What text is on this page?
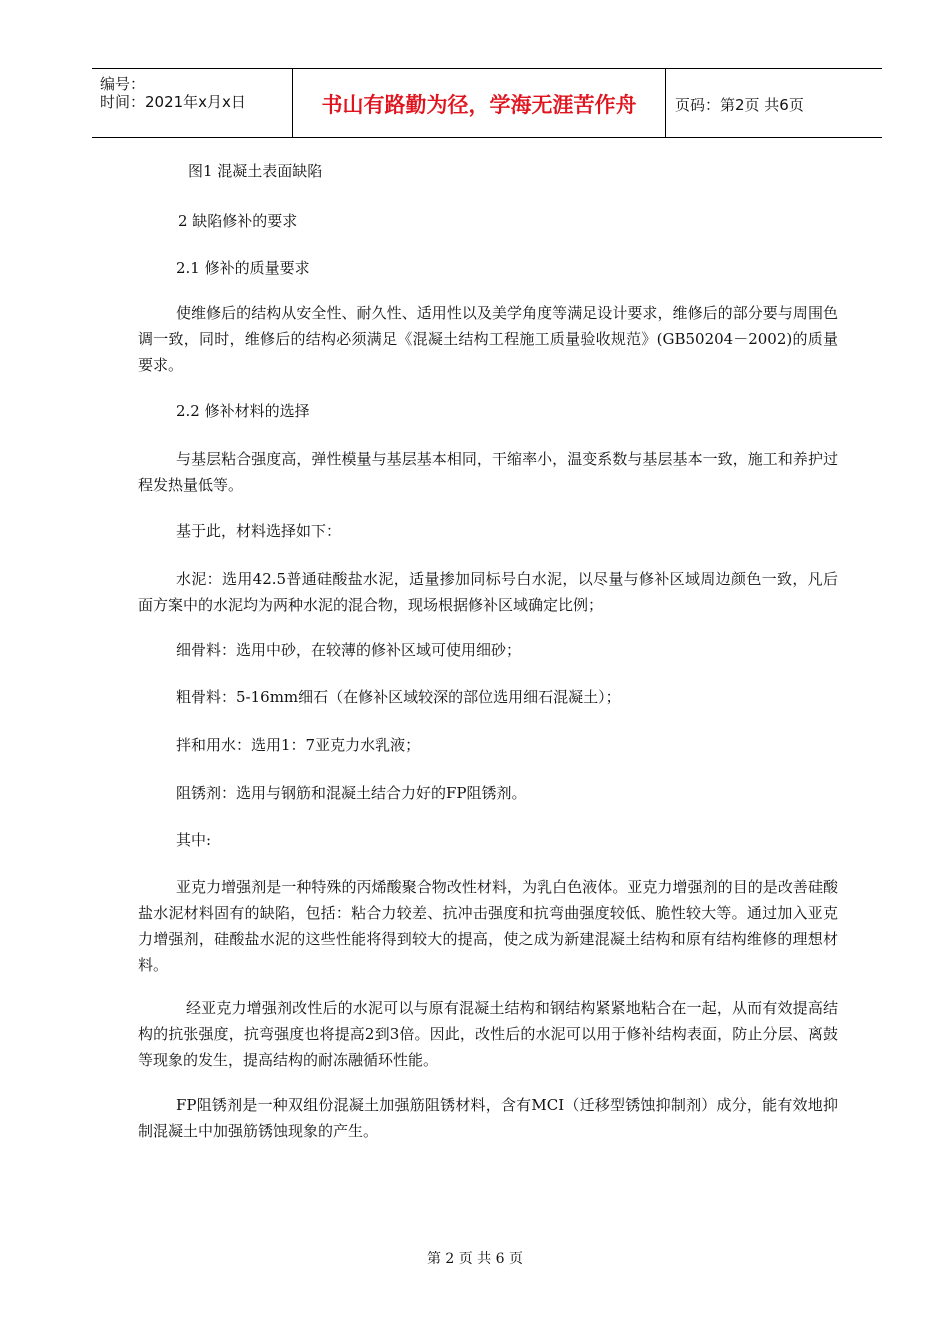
编号：
时间：2021年x月x日	书山有路勤为径，学海无涯苦作舟	页码：第2页 共6页
图1 混凝土表面缺陷
2 缺陷修补的要求
2.1 修补的质量要求
使维修后的结构从安全性、耐久性、适用性以及美学角度等满足设计要求，维修后的部分要与周围色调一致，同时，维修后的结构必须满足《混凝土结构工程施工质量验收规范》(GB50204－2002)的质量要求。
2.2 修补材料的选择
与基层粘合强度高，弹性模量与基层基本相同，干缩率小，温变系数与基层基本一致，施工和养护过程发热量低等。
基于此，材料选择如下：
水泥：选用42.5普通硅酸盐水泥，适量掺加同标号白水泥，以尽量与修补区域周边颜色一致，凡后面方案中的水泥均为两种水泥的混合物，现场根据修补区域确定比例；
细骨料：选用中砂，在较薄的修补区域可使用细砂；
粗骨料：5-16mm细石（在修补区域较深的部位选用细石混凝土）；
拌和用水：选用1：7亚克力水乳液；
阻锈剂：选用与钢筋和混凝土结合力好的FP阻锈剂。
其中:
亚克力增强剂是一种特殊的丙烯酸聚合物改性材料，为乳白色液体。亚克力增强剂的目的是改善硅酸盐水泥材料固有的缺陷，包括：粘合力较差、抗冲击强度和抗弯曲强度较低、脆性较大等。通过加入亚克力增强剂，硅酸盐水泥的这些性能将得到较大的提高，使之成为新建混凝土结构和原有结构维修的理想材料。
经亚克力增强剂改性后的水泥可以与原有混凝土结构和钢结构紧紧地粘合在一起，从而有效提高结构的抗张强度，抗弯强度也将提高2到3倍。因此，改性后的水泥可以用于修补结构表面，防止分层、离鼓等现象的发生，提高结构的耐冻融循环性能。
FP阻锈剂是一种双组份混凝土加强筋阻锈材料，含有MCI（迁移型锈蚀抑制剂）成分，能有效地抑制混凝土中加强筋锈蚀现象的产生。
第 2 页 共 6 页
